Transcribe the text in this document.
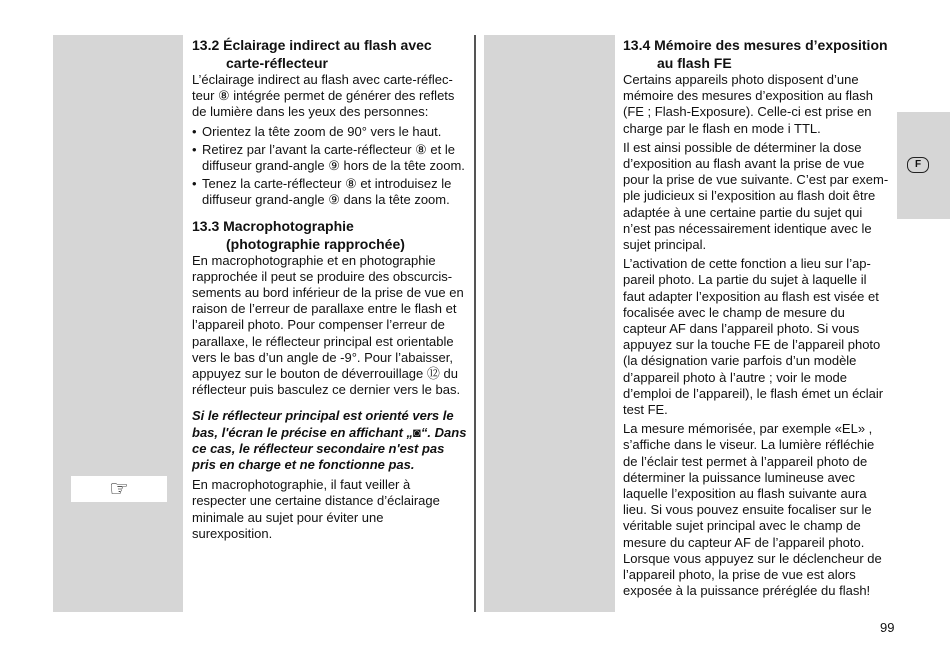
F
☞
13.2 Éclairage indirect au flash avec
carte-réflecteur

L’éclairage indirect au flash avec carte-réflec-teur ⑧ intégrée permet de générer des reflets de lumière dans les yeux des personnes:

• Orientez la tête zoom de 90° vers le haut.
• Retirez par l’avant la carte-réflecteur ⑧ et le diffuseur grand-angle ⑨ hors de la tête zoom.
• Tenez la carte-réflecteur ⑧ et introduisez le diffuseur grand-angle ⑨ dans la tête zoom.
13.3 Macrophotographie
(photographie rapprochée)

En macrophotographie et en photographie rapprochée il peut se produire des obscurcis-sements au bord inférieur de la prise de vue en raison de l’erreur de parallaxe entre le flash et l’appareil photo. Pour compenser l’erreur de parallaxe, le réflecteur principal est orientable vers le bas d’un angle de -9°. Pour l’abaisser, appuyez sur le bouton de déverrouillage ⑫ du réflecteur puis basculez ce dernier vers le bas.

Si le réflecteur principal est orienté vers le bas, l'écran le précise en affichant „◙“. Dans ce cas, le réflecteur secondaire n'est pas pris en charge et ne fonctionne pas.

En macrophotographie, il faut veiller à respecter une certaine distance d’éclairage minimale au sujet pour éviter une surexposition.

13.4 Mémoire des mesures d’exposition
au flash FE

Certains appareils photo disposent d’une mémoire des mesures d’exposition au flash (FE ; Flash-Exposure). Celle-ci est prise en charge par le flash en mode i TTL.

Il est ainsi possible de déterminer la dose d’exposition au flash avant la prise de vue pour la prise de vue suivante. C’est par exem-ple judicieux si l’exposition au flash doit être adaptée à une certaine partie du sujet qui n’est pas nécessairement identique avec le sujet principal.

L’activation de cette fonction a lieu sur l’ap-pareil photo. La partie du sujet à laquelle il faut adapter l’exposition au flash est visée et focalisée avec le champ de mesure du capteur AF dans l’appareil photo. Si vous appuyez sur la touche FE de l’appareil photo (la désignation varie parfois d’un modèle d’appareil photo à l’autre ; voir le mode d’emploi de l’appareil), le flash émet un éclair test FE.

La mesure mémorisée, par exemple «EL» , s’affiche dans le viseur. La lumière réfléchie de l’éclair test permet à l’appareil photo de déterminer la puissance lumineuse avec laquelle l’exposition au flash suivante aura lieu. Si vous pouvez ensuite focaliser sur le véritable sujet principal avec le champ de mesure du capteur AF de l’appareil photo. Lorsque vous appuyez sur le déclencheur de l’appareil photo, la prise de vue est alors exposée à la puissance préréglée du flash!

99
